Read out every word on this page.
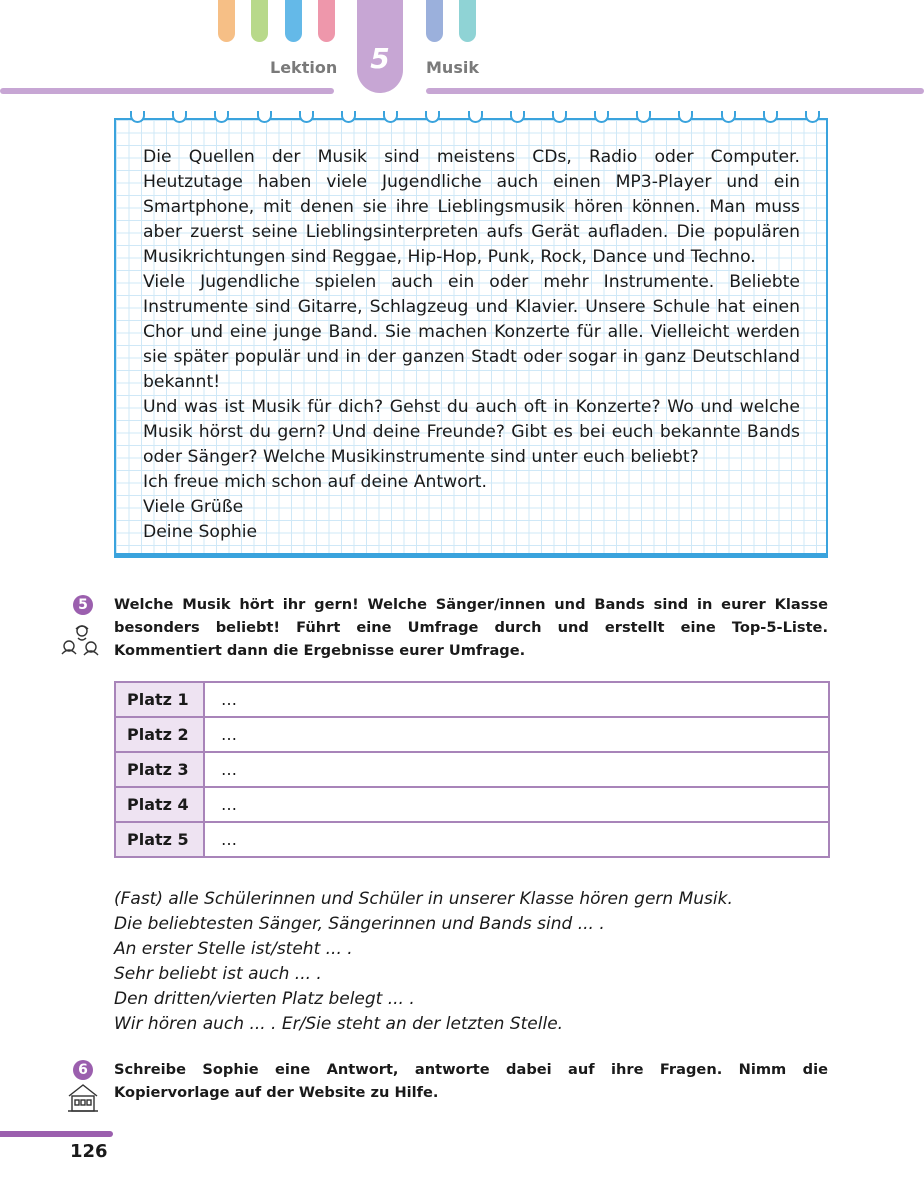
5
Lektion	Musik
Die Quellen der Musik sind meistens CDs, Radio oder Computer. Heutzutage haben viele Jugendliche auch einen MP3-Player und ein Smartphone, mit denen sie ihre Lieblingsmusik hören können. Man muss aber zuerst seine Lieblingsinterpreten aufs Gerät aufladen. Die populären Musikrichtungen sind Reggae, Hip-Hop, Punk, Rock, Dance und Techno.
Viele Jugendliche spielen auch ein oder mehr Instrumente. Beliebte Instrumente sind Gitarre, Schlagzeug und Klavier. Unsere Schule hat einen Chor und eine junge Band. Sie machen Konzerte für alle. Vielleicht werden sie später populär und in der ganzen Stadt oder sogar in ganz Deutschland bekannt!
Und was ist Musik für dich? Gehst du auch oft in Konzerte? Wo und welche Musik hörst du gern? Und deine Freunde? Gibt es bei euch bekannte Bands oder Sänger? Welche Musikinstrumente sind unter euch beliebt?
Ich freue mich schon auf deine Antwort.
Viele Grüße
Deine Sophie
5	Welche Musik hört ihr gern! Welche Sänger/innen und Bands sind in eurer Klasse besonders beliebt! Führt eine Umfrage durch und erstellt eine Top-5-Liste. Kommentiert dann die Ergebnisse eurer Umfrage.
Platz 1	…
Platz 2	…
Platz 3	…
Platz 4	…
Platz 5	…
(Fast) alle Schülerinnen und Schüler in unserer Klasse hören gern Musik.
Die beliebtesten Sänger, Sängerinnen und Bands sind ... .
An erster Stelle ist/steht ... .
Sehr beliebt ist auch ... .
Den dritten/vierten Platz belegt ... .
Wir hören auch ... . Er/Sie steht an der letzten Stelle.
6	Schreibe Sophie eine Antwort, antworte dabei auf ihre Fragen. Nimm die Kopiervorlage auf der Website zu Hilfe.
126
